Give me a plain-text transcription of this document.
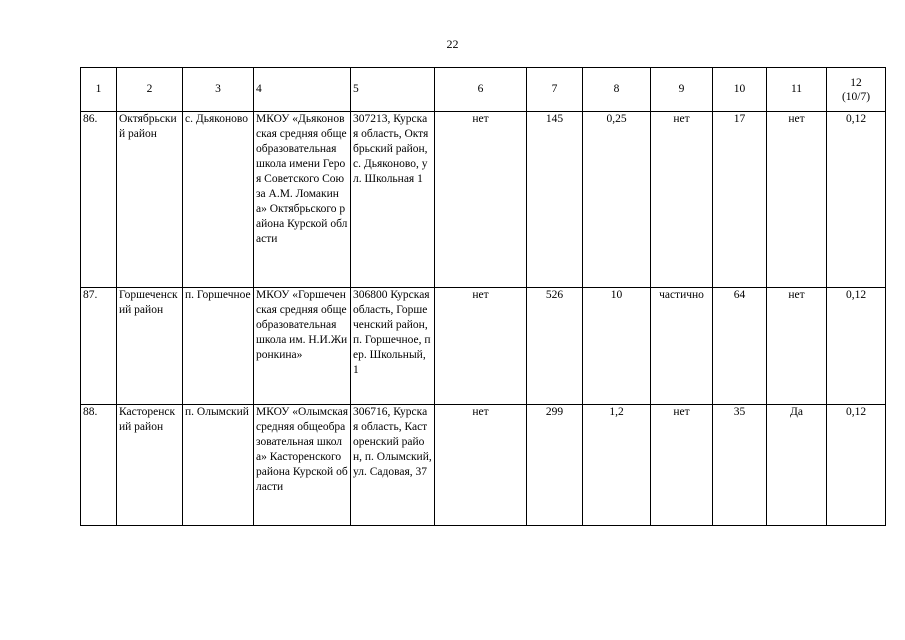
22
1	2	3	4	5	6	7	8	9	10	11	12
(10/7)
86.	Октябрьский район	с. Дьяконово	МКОУ «Дьяконовская средняя общеобразовательная школа имени Героя Советского Союза А.М. Ломакина» Октябрьского района Курской области	307213, Курская область, Октябрьский район, с. Дьяконово, ул. Школьная 1	нет	145	0,25	нет	17	нет	0,12
87.	Горшеченский район	п. Горшечное	МКОУ «Горшеченская средняя общеобразовательная школа им. Н.И.Жиронкина»	306800 Курская область, Горшеченский район, п. Горшечное, пер. Школьный, 1	нет	526	10	частично	64	нет	0,12
88.	Касторенский район	п. Олымский	МКОУ «Олымская средняя общеобразовательная школа» Касторенского района Курской области	306716, Курская область, Касторенский район, п. Олымский, ул. Садовая, 37	нет	299	1,2	нет	35	Да	0,12
